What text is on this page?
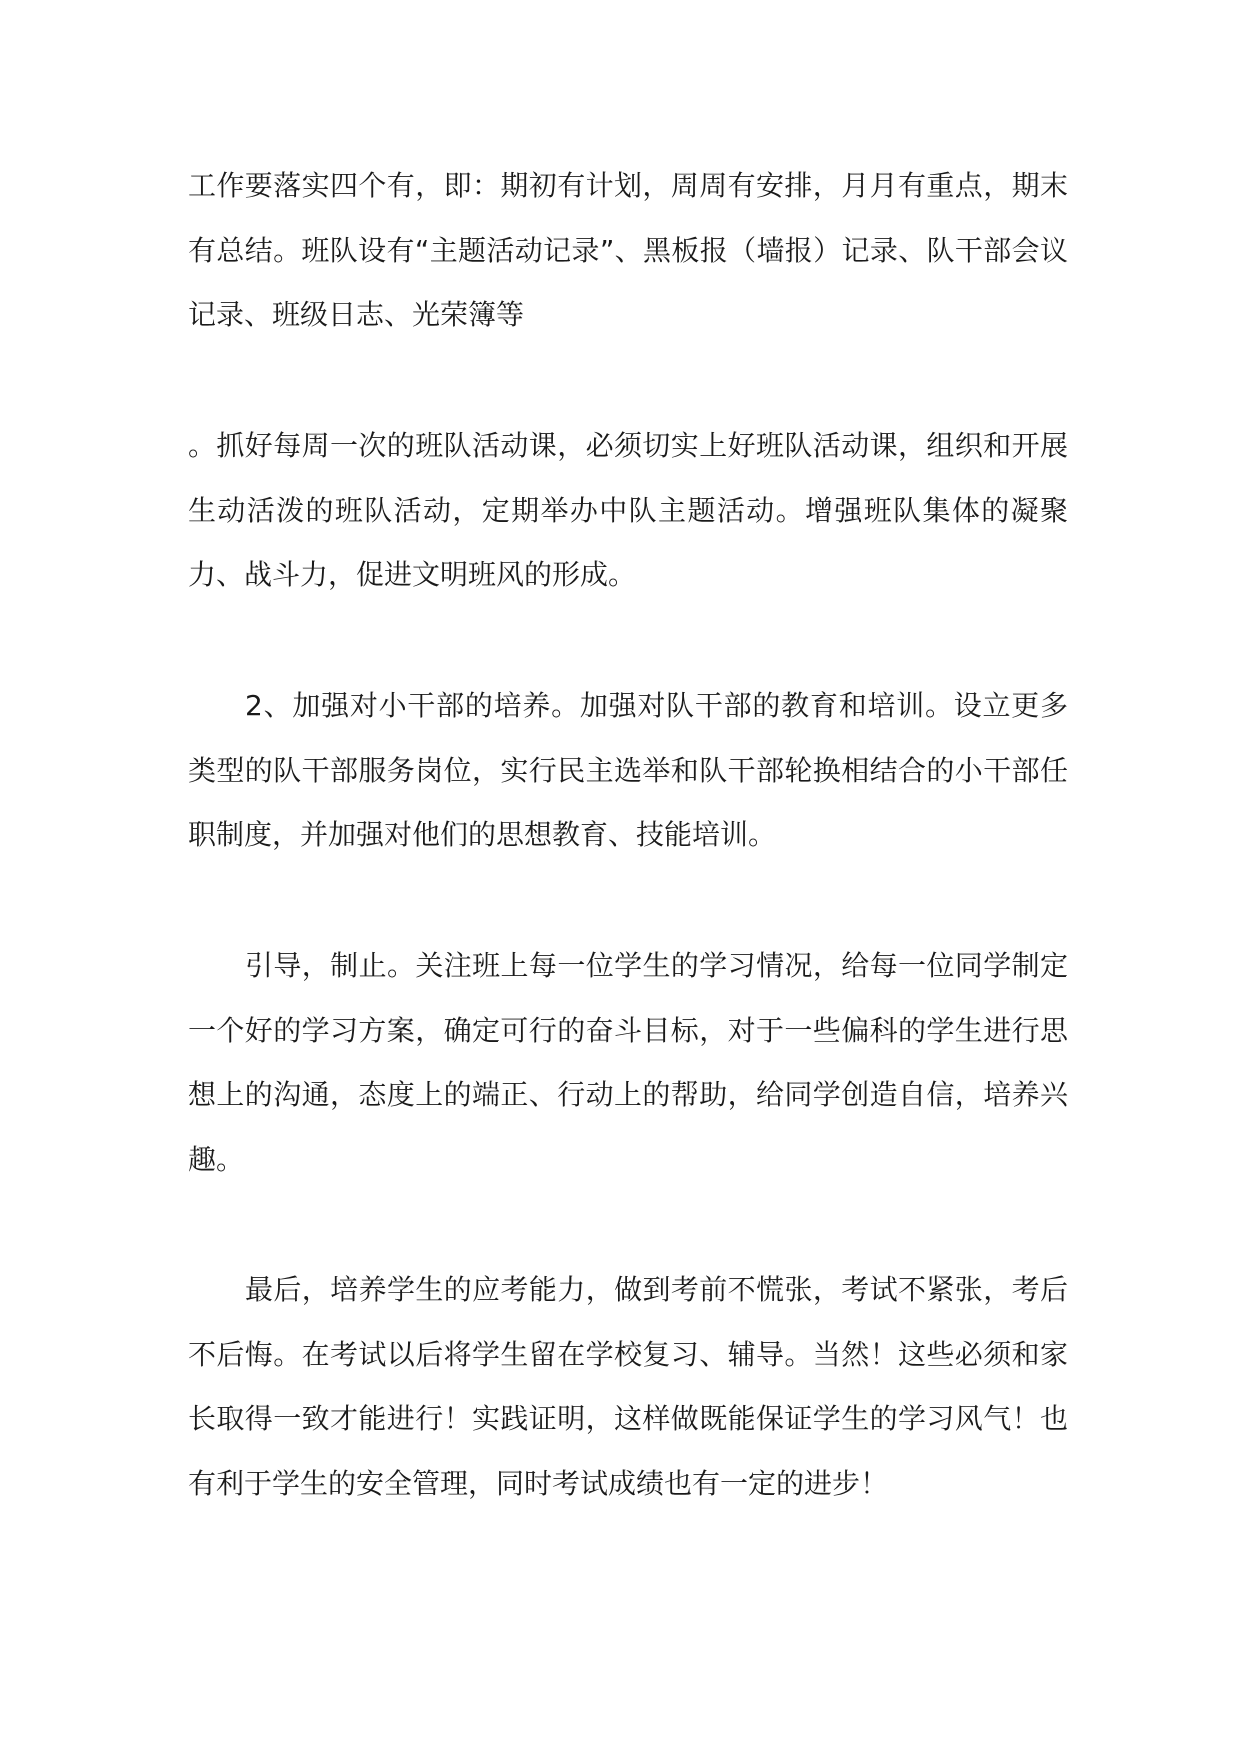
工作要落实四个有，即：期初有计划，周周有安排，月月有重点，期末有总结。班队设有“主题活动记录”、黑板报（墙报）记录、队干部会议记录、班级日志、光荣簿等

。抓好每周一次的班队活动课，必须切实上好班队活动课，组织和开展生动活泼的班队活动，定期举办中队主题活动。增强班队集体的凝聚力、战斗力，促进文明班风的形成。

2、加强对小干部的培养。加强对队干部的教育和培训。设立更多类型的队干部服务岗位，实行民主选举和队干部轮换相结合的小干部任职制度，并加强对他们的思想教育、技能培训。

引导，制止。关注班上每一位学生的学习情况，给每一位同学制定一个好的学习方案，确定可行的奋斗目标，对于一些偏科的学生进行思想上的沟通，态度上的端正、行动上的帮助，给同学创造自信，培养兴趣。

最后，培养学生的应考能力，做到考前不慌张，考试不紧张，考后不后悔。在考试以后将学生留在学校复习、辅导。当然！这些必须和家长取得一致才能进行！实践证明，这样做既能保证学生的学习风气！也有利于学生的安全管理，同时考试成绩也有一定的进步！
